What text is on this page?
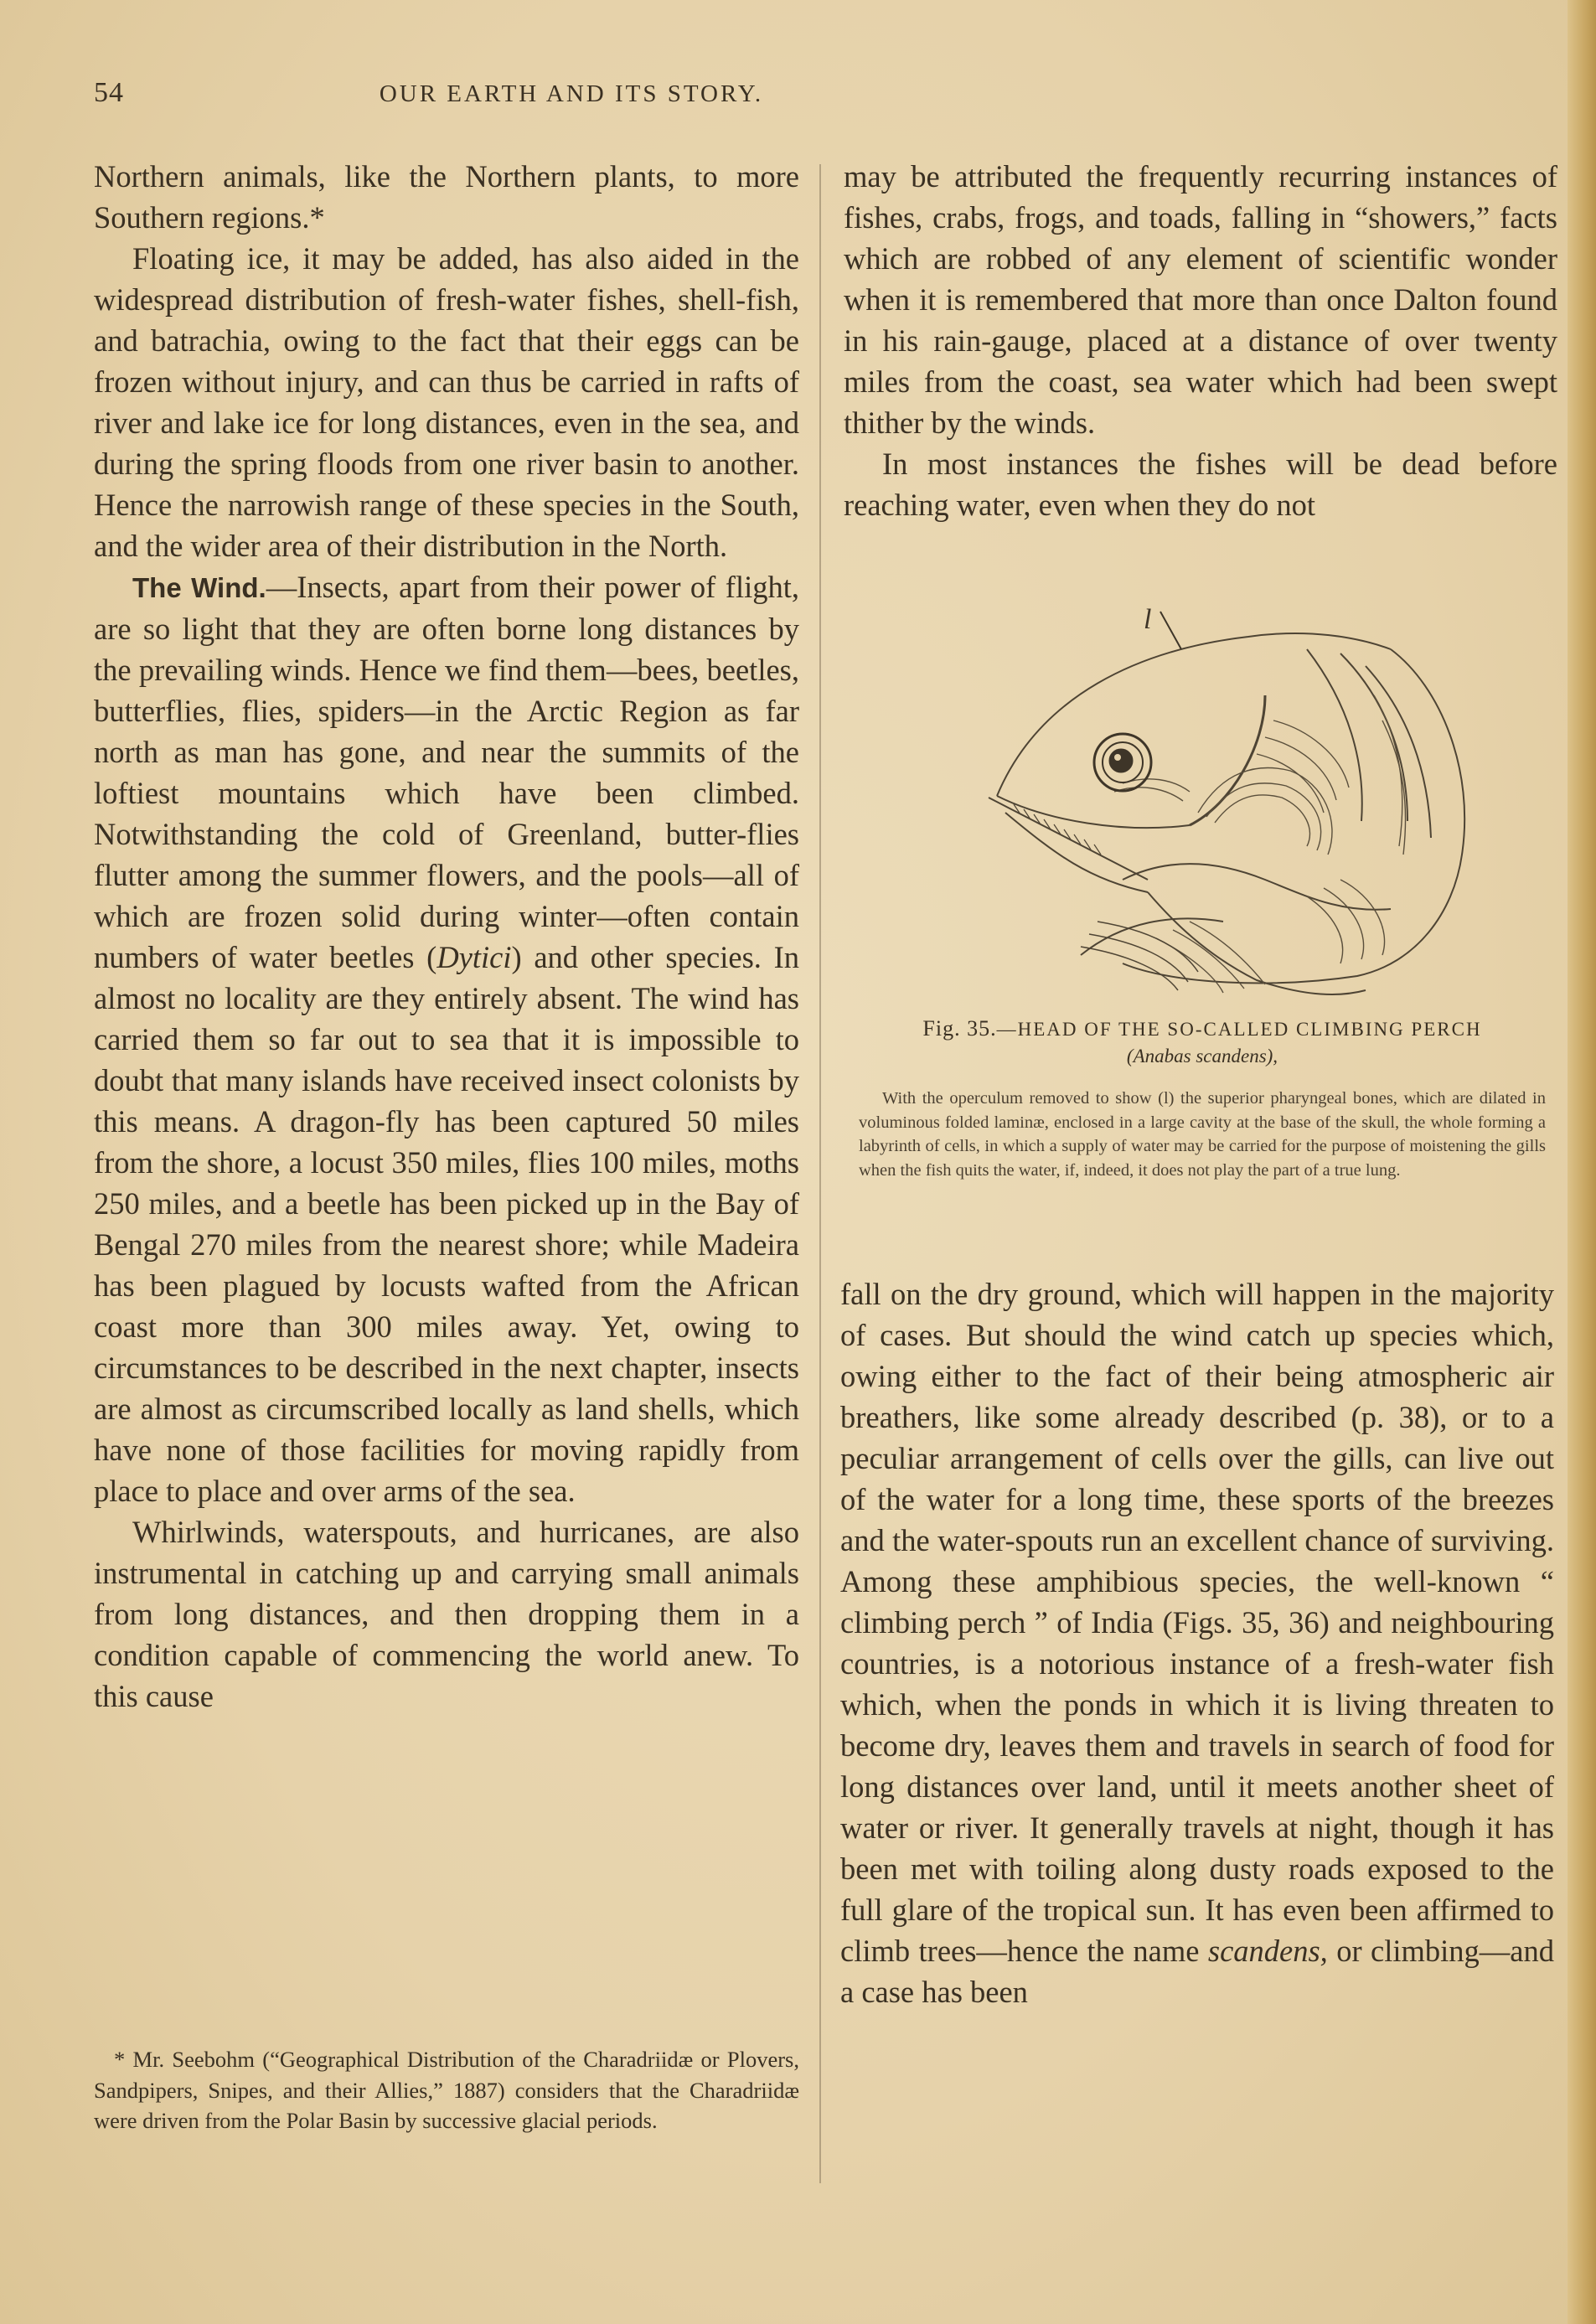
54	OUR EARTH AND ITS STORY.

Northern animals, like the Northern plants, to more Southern regions.*

Floating ice, it may be added, has also aided in the widespread distribution of fresh-water fishes, shell-fish, and batrachia, owing to the fact that their eggs can be frozen without injury, and can thus be carried in rafts of river and lake ice for long distances, even in the sea, and during the spring floods from one river basin to another. Hence the narrowish range of these species in the South, and the wider area of their distribution in the North.

The Wind.—Insects, apart from their power of flight, are so light that they are often borne long distances by the prevailing winds. Hence we find them—bees, beetles, butterflies, flies, spiders—in the Arctic Region as far north as man has gone, and near the summits of the loftiest mountains which have been climbed. Notwithstanding the cold of Greenland, butter-flies flutter among the summer flowers, and the pools—all of which are frozen solid during winter—often contain numbers of water beetles (Dytici) and other species. In almost no locality are they entirely absent. The wind has carried them so far out to sea that it is impossible to doubt that many islands have received insect colonists by this means. A dragon-fly has been captured 50 miles from the shore, a locust 350 miles, flies 100 miles, moths 250 miles, and a beetle has been picked up in the Bay of Bengal 270 miles from the nearest shore; while Madeira has been plagued by locusts wafted from the African coast more than 300 miles away. Yet, owing to circumstances to be described in the next chapter, insects are almost as circumscribed locally as land shells, which have none of those facilities for moving rapidly from place to place and over arms of the sea.

Whirlwinds, waterspouts, and hurricanes, are also instrumental in catching up and carrying small animals from long distances, and then dropping them in a condition capable of commencing the world anew. To this cause

* Mr. Seebohm (“Geographical Distribution of the Charadriidæ or Plovers, Sandpipers, Snipes, and their Allies,” 1887) considers that the Charadriidæ were driven from the Polar Basin by successive glacial periods.

may be attributed the frequently recurring instances of fishes, crabs, frogs, and toads, falling in “showers,” facts which are robbed of any element of scientific wonder when it is remembered that more than once Dalton found in his rain-gauge, placed at a distance of over twenty miles from the coast, sea water which had been swept thither by the winds.

In most instances the fishes will be dead before reaching water, even when they do not

l
Fig. 35.—HEAD OF THE SO-CALLED CLIMBING PERCH
(Anabas scandens),
With the operculum removed to show (l) the superior pharyngeal bones, which are dilated in voluminous folded laminæ, enclosed in a large cavity at the base of the skull, the whole forming a labyrinth of cells, in which a supply of water may be carried for the purpose of moistening the gills when the fish quits the water, if, indeed, it does not play the part of a true lung.

fall on the dry ground, which will happen in the majority of cases. But should the wind catch up species which, owing either to the fact of their being atmospheric air breathers, like some already described (p. 38), or to a peculiar arrangement of cells over the gills, can live out of the water for a long time, these sports of the breezes and the water-spouts run an excellent chance of surviving. Among these amphibious species, the well-known “ climbing perch ” of India (Figs. 35, 36) and neighbouring countries, is a notorious instance of a fresh-water fish which, when the ponds in which it is living threaten to become dry, leaves them and travels in search of food for long distances over land, until it meets another sheet of water or river. It generally travels at night, though it has been met with toiling along dusty roads exposed to the full glare of the tropical sun. It has even been affirmed to climb trees—hence the name scandens, or climbing—and a case has been
